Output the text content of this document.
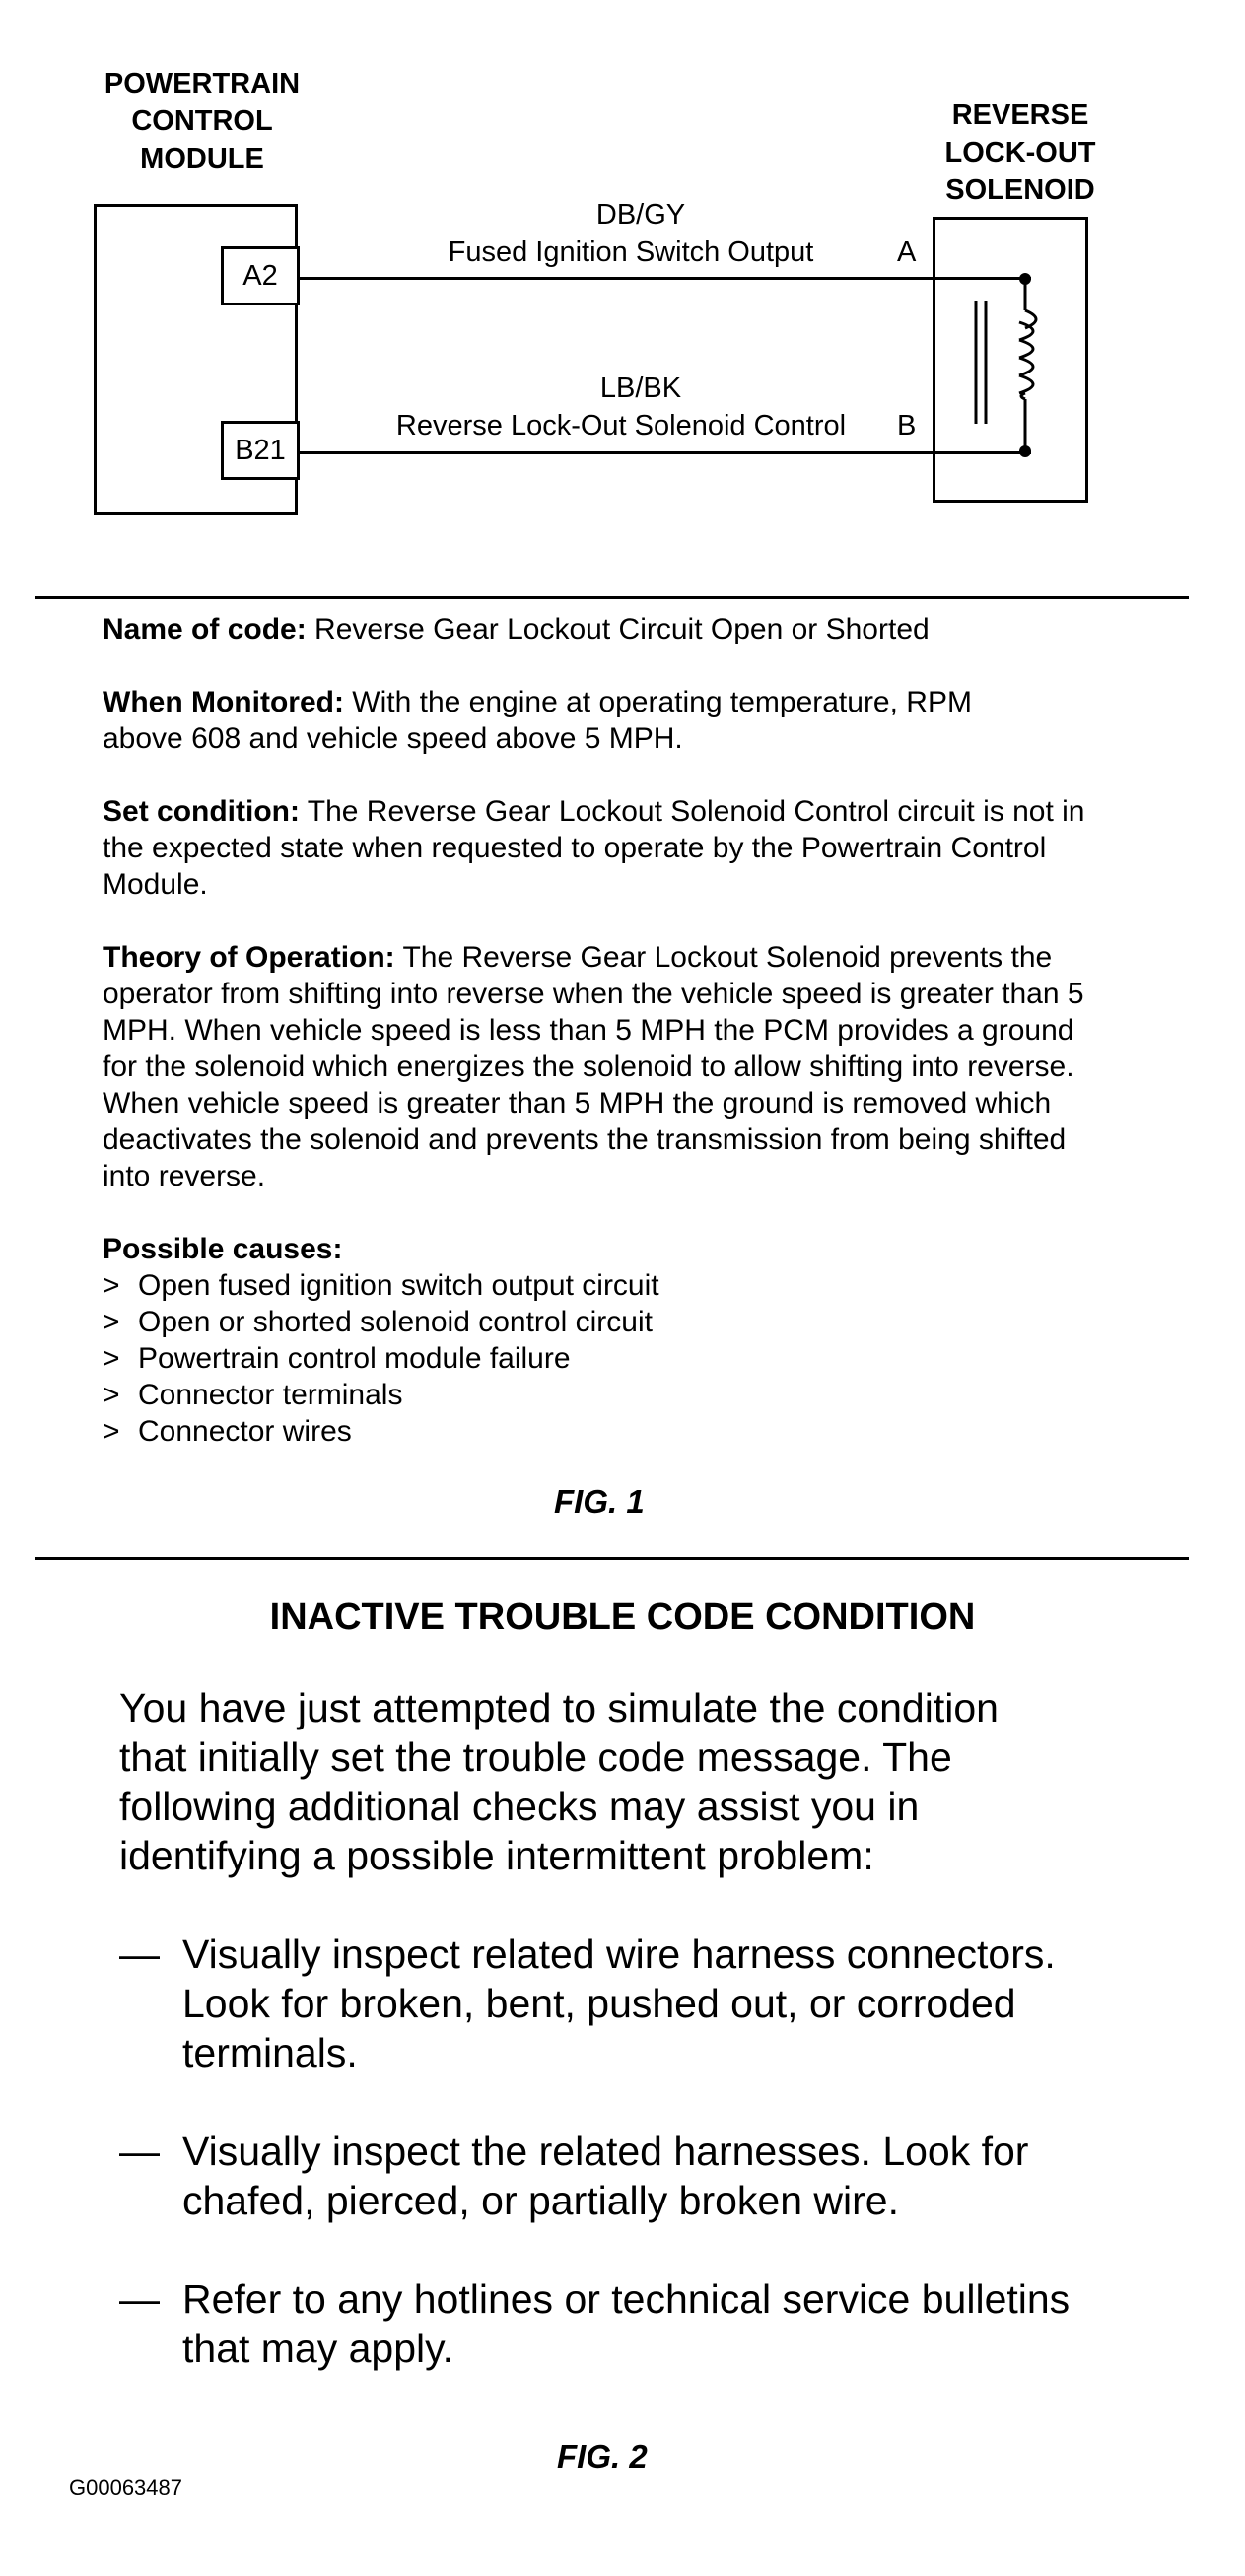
POWERTRAIN
CONTROL
MODULE
REVERSE
LOCK-OUT
SOLENOID
A2
B21
DB/GY
Fused Ignition Switch Output	A
LB/BK
Reverse Lock-Out Solenoid Control	B

Name of code: Reverse Gear Lockout Circuit Open or Shorted

When Monitored: With the engine at operating temperature, RPM above 608 and vehicle speed above 5 MPH.

Set condition: The Reverse Gear Lockout Solenoid Control circuit is not in the expected state when requested to operate by the Powertrain Control Module.

Theory of Operation: The Reverse Gear Lockout Solenoid prevents the operator from shifting into reverse when the vehicle speed is greater than 5 MPH. When vehicle speed is less than 5 MPH the PCM provides a ground for the solenoid which energizes the solenoid to allow shifting into reverse. When vehicle speed is greater than 5 MPH the ground is removed which deactivates the solenoid and prevents the transmission from being shifted into reverse.

Possible causes:

> Open fused ignition switch output circuit
> Open or shorted solenoid control circuit
> Powertrain control module failure
> Connector terminals
> Connector wires
FIG. 1
INACTIVE TROUBLE CODE CONDITION

You have just attempted to simulate the condition that initially set the trouble code message. The following additional checks may assist you in identifying a possible intermittent problem:

— Visually inspect related wire harness connectors. Look for broken, bent, pushed out, or corroded terminals.
— Visually inspect the related harnesses. Look for chafed, pierced, or partially broken wire.
— Refer to any hotlines or technical service bulletins that may apply.
FIG. 2
G00063487
